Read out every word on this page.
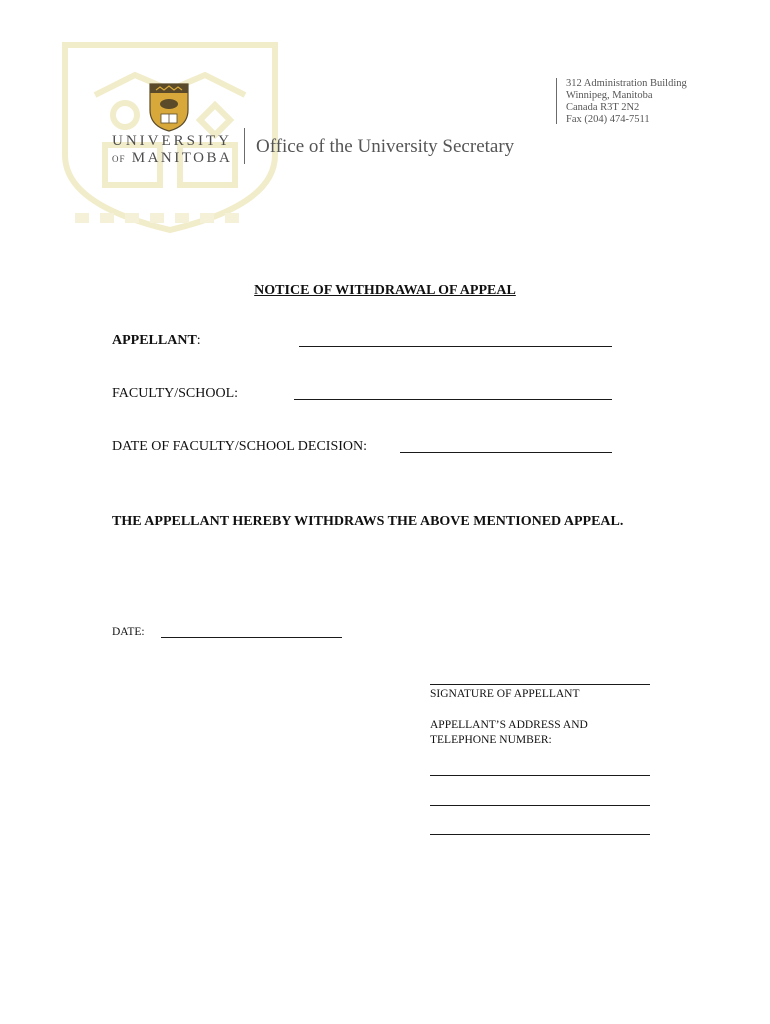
UNIVERSITY
OF MANITOBA
Office of the University Secretary
312 Administration Building
Winnipeg, Manitoba
Canada R3T 2N2
Fax (204) 474-7511
NOTICE OF WITHDRAWAL OF APPEAL
APPELLANT:
FACULTY/SCHOOL:
DATE OF FACULTY/SCHOOL DECISION:
THE APPELLANT HEREBY WITHDRAWS THE ABOVE MENTIONED APPEAL.
DATE:
SIGNATURE OF APPELLANT
APPELLANT’S ADDRESS AND
TELEPHONE NUMBER:
